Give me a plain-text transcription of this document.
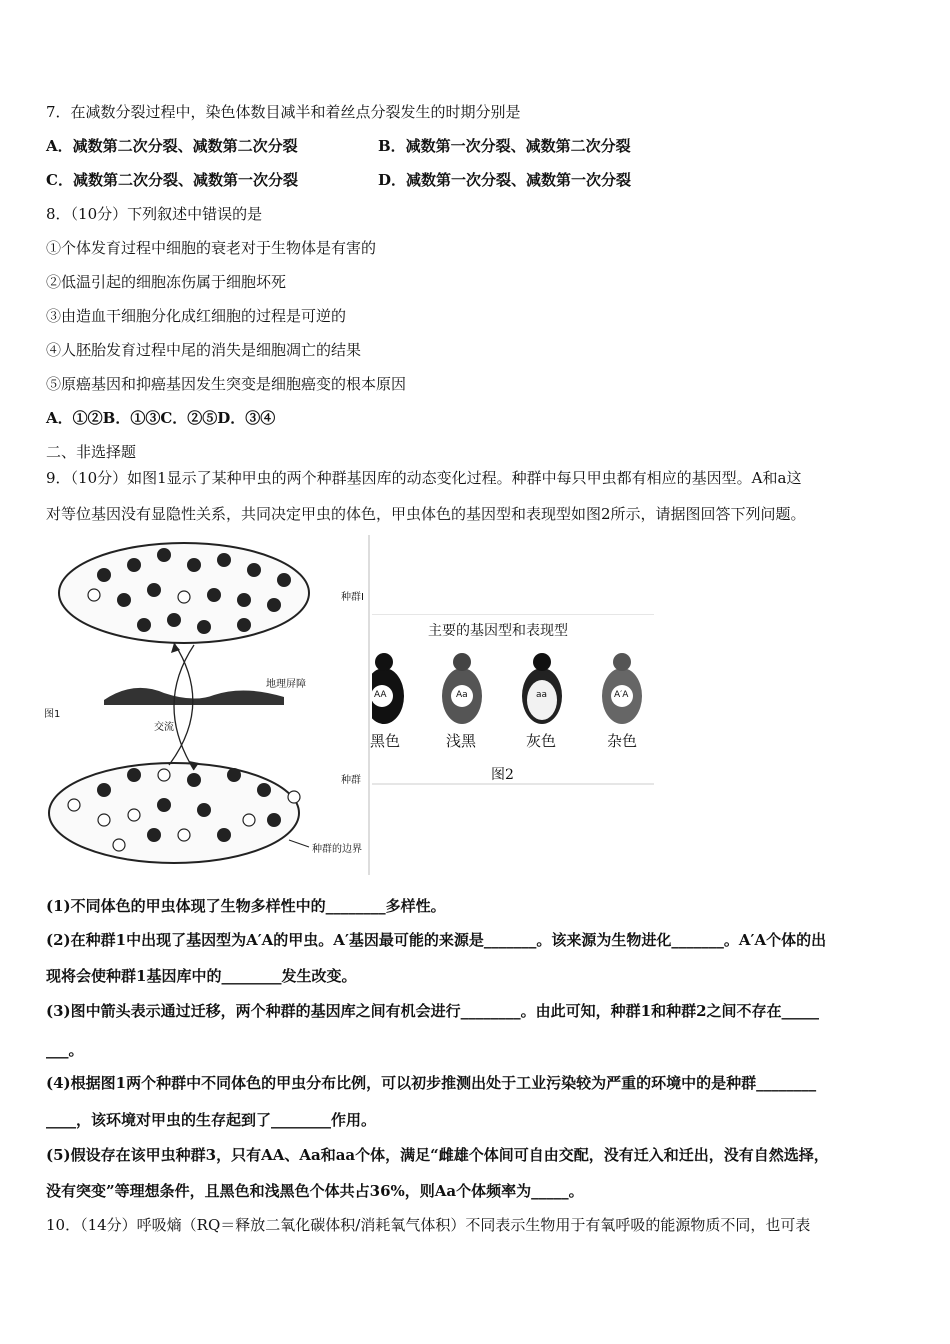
7．在减数分裂过程中，染色体数目减半和着丝点分裂发生的时期分别是
A．减数第二次分裂、减数第二次分裂	B．减数第一次分裂、减数第二次分裂
C．减数第二次分裂、减数第一次分裂	D．减数第一次分裂、减数第一次分裂
8．（10分）下列叙述中错误的是
①个体发育过程中细胞的衰老对于生物体是有害的
②低温引起的细胞冻伤属于细胞坏死
③由造血干细胞分化成红细胞的过程是可逆的
④人胚胎发育过程中尾的消失是细胞凋亡的结果
⑤原癌基因和抑癌基因发生突变是细胞癌变的根本原因
A．①②B．①③C．②⑤D．③④
二、非选择题
9．（10分）如图1显示了某种甲虫的两个种群基因库的动态变化过程。种群中每只甲虫都有相应的基因型。A和a这
对等位基因没有显隐性关系，共同决定甲虫的体色，甲虫体色的基因型和表现型如图2所示，请据图回答下列问题。
种群Ⅰ
种群
地理屏障
交流
图1
种群的边界
主要的基因型和表现型
AA	Aa	aa	A′A
黑色	浅黑	灰色	杂色
图2
(1)不同体色的甲虫体现了生物多样性中的________多样性。
(2)在种群1中出现了基因型为A′A的甲虫。A′基因最可能的来源是_______。该来源为生物进化_______。A′A个体的出
现将会使种群1基因库中的________发生改变。
(3)图中箭头表示通过迁移，两个种群的基因库之间有机会进行________。由此可知，种群1和种群2之间不存在_____
___。
(4)根据图1两个种群中不同体色的甲虫分布比例，可以初步推测出处于工业污染较为严重的环境中的是种群________
____，该环境对甲虫的生存起到了________作用。
(5)假设存在该甲虫种群3，只有AA、Aa和aa个体，满足“雌雄个体间可自由交配，没有迁入和迁出，没有自然选择，
没有突变”等理想条件，且黑色和浅黑色个体共占36%，则Aa个体频率为_____。
10．（14分）呼吸熵（RQ＝释放二氧化碳体积/消耗氧气体积）不同表示生物用于有氧呼吸的能源物质不同，也可表
